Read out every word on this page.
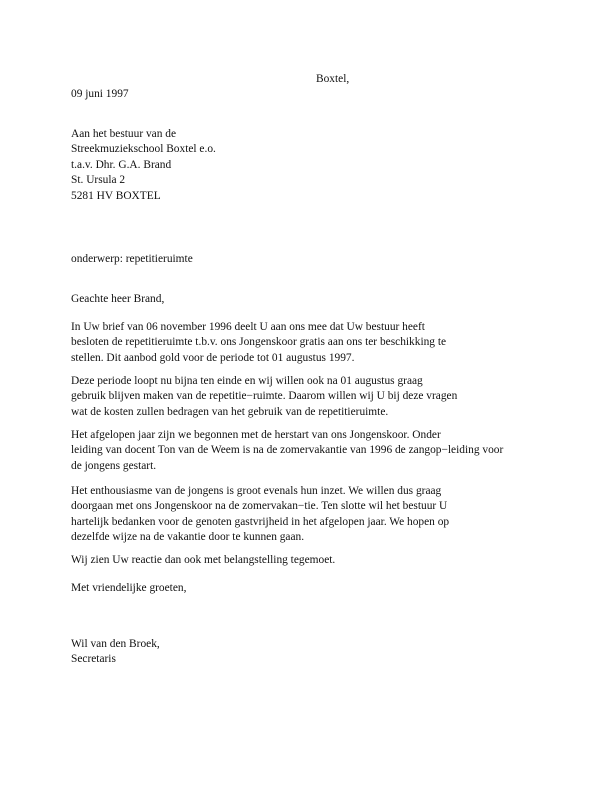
Boxtel,
09 juni 1997
Aan het bestuur van de
Streekmuziekschool Boxtel e.o.
t.a.v. Dhr. G.A. Brand
St. Ursula 2
5281 HV BOXTEL
onderwerp: repetitieruimte
Geachte heer Brand,
In Uw brief van 06 november 1996 deelt U aan ons mee dat Uw bestuur heeft
besloten de repetitieruimte t.b.v. ons Jongenskoor gratis aan ons ter beschikking te
stellen. Dit aanbod gold voor de periode tot 01 augustus 1997.
Deze periode loopt nu bijna ten einde en wij willen ook na 01 augustus graag
gebruik blijven maken van de repetitie−ruimte. Daarom willen wij U bij deze vragen
wat de kosten zullen bedragen van het gebruik van de repetitieruimte.
Het afgelopen jaar zijn we begonnen met de herstart van ons Jongenskoor. Onder
leiding van docent Ton van de Weem is na de zomervakantie van 1996 de zangop−leiding voor
de jongens gestart.
Het enthousiasme van de jongens is groot evenals hun inzet. We willen dus graag
doorgaan met ons Jongenskoor na de zomervakan−tie. Ten slotte wil het bestuur U
hartelijk bedanken voor de genoten gastvrijheid in het afgelopen jaar. We hopen op
dezelfde wijze na de vakantie door te kunnen gaan.
Wij zien Uw reactie dan ook met belangstelling tegemoet.
Met vriendelijke groeten,
Wil van den Broek,
Secretaris
